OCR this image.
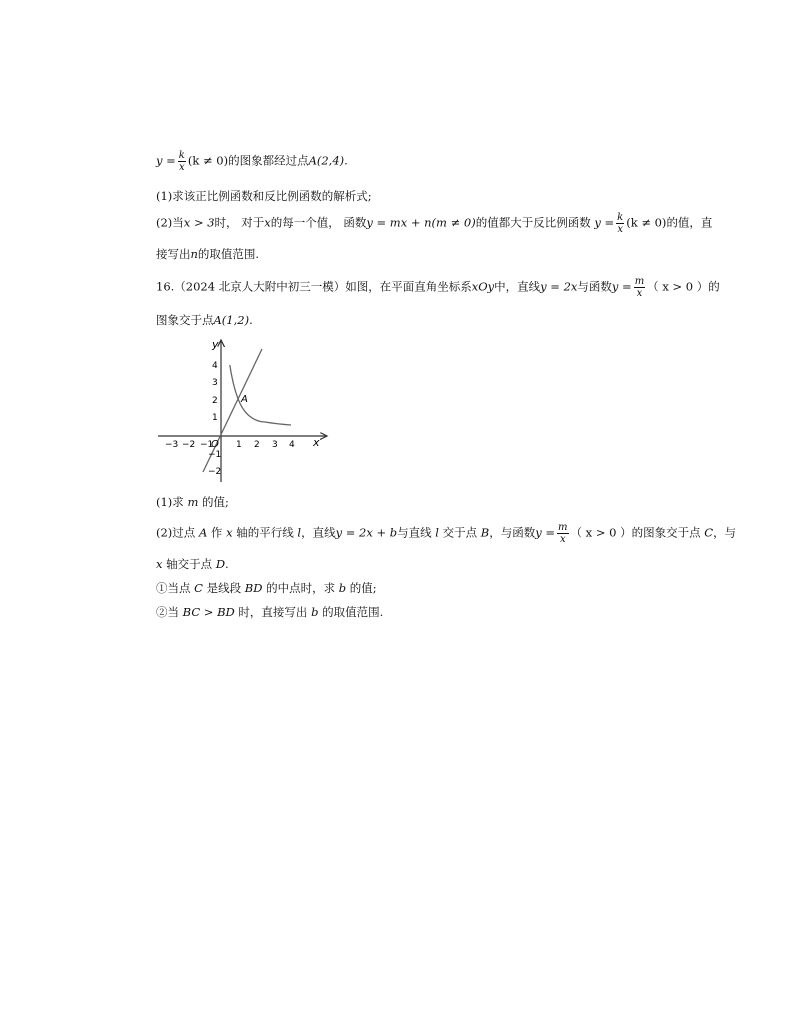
$y = \frac{k}{x} (k \ne 0)$的图象都经过点A(2,4).
(1)求该正比例函数和反比例函数的解析式;
(2)当x > 3时， 对于x的每一个值， 函数y = mx + n(m ≠ 0)的值都大于反比例函数 $y = \frac{k}{x} (k \ne 0)$的值，直
接写出n的取值范围.
16.（2024 北京人大附中初三一模）如图，在平面直角坐标系xOy中，直线y = 2x与函数$y = \frac{m}{x}$ （ x > 0 ）的
图象交于点A(1,2).
y
x
O
A
−3 −2 −1	1 2 3 4
4
3
2
1
−1
−2
(1)求 m 的值;
(2)过点 A 作 x 轴的平行线 l，直线y = 2x + b与直线 l 交于点 B，与函数$y = \frac{m}{x}$ （ x > 0 ）的图象交于点 C，与
x 轴交于点 D.
①当点 C 是线段 BD 的中点时，求 b 的值;
②当 BC > BD 时，直接写出 b 的取值范围.
